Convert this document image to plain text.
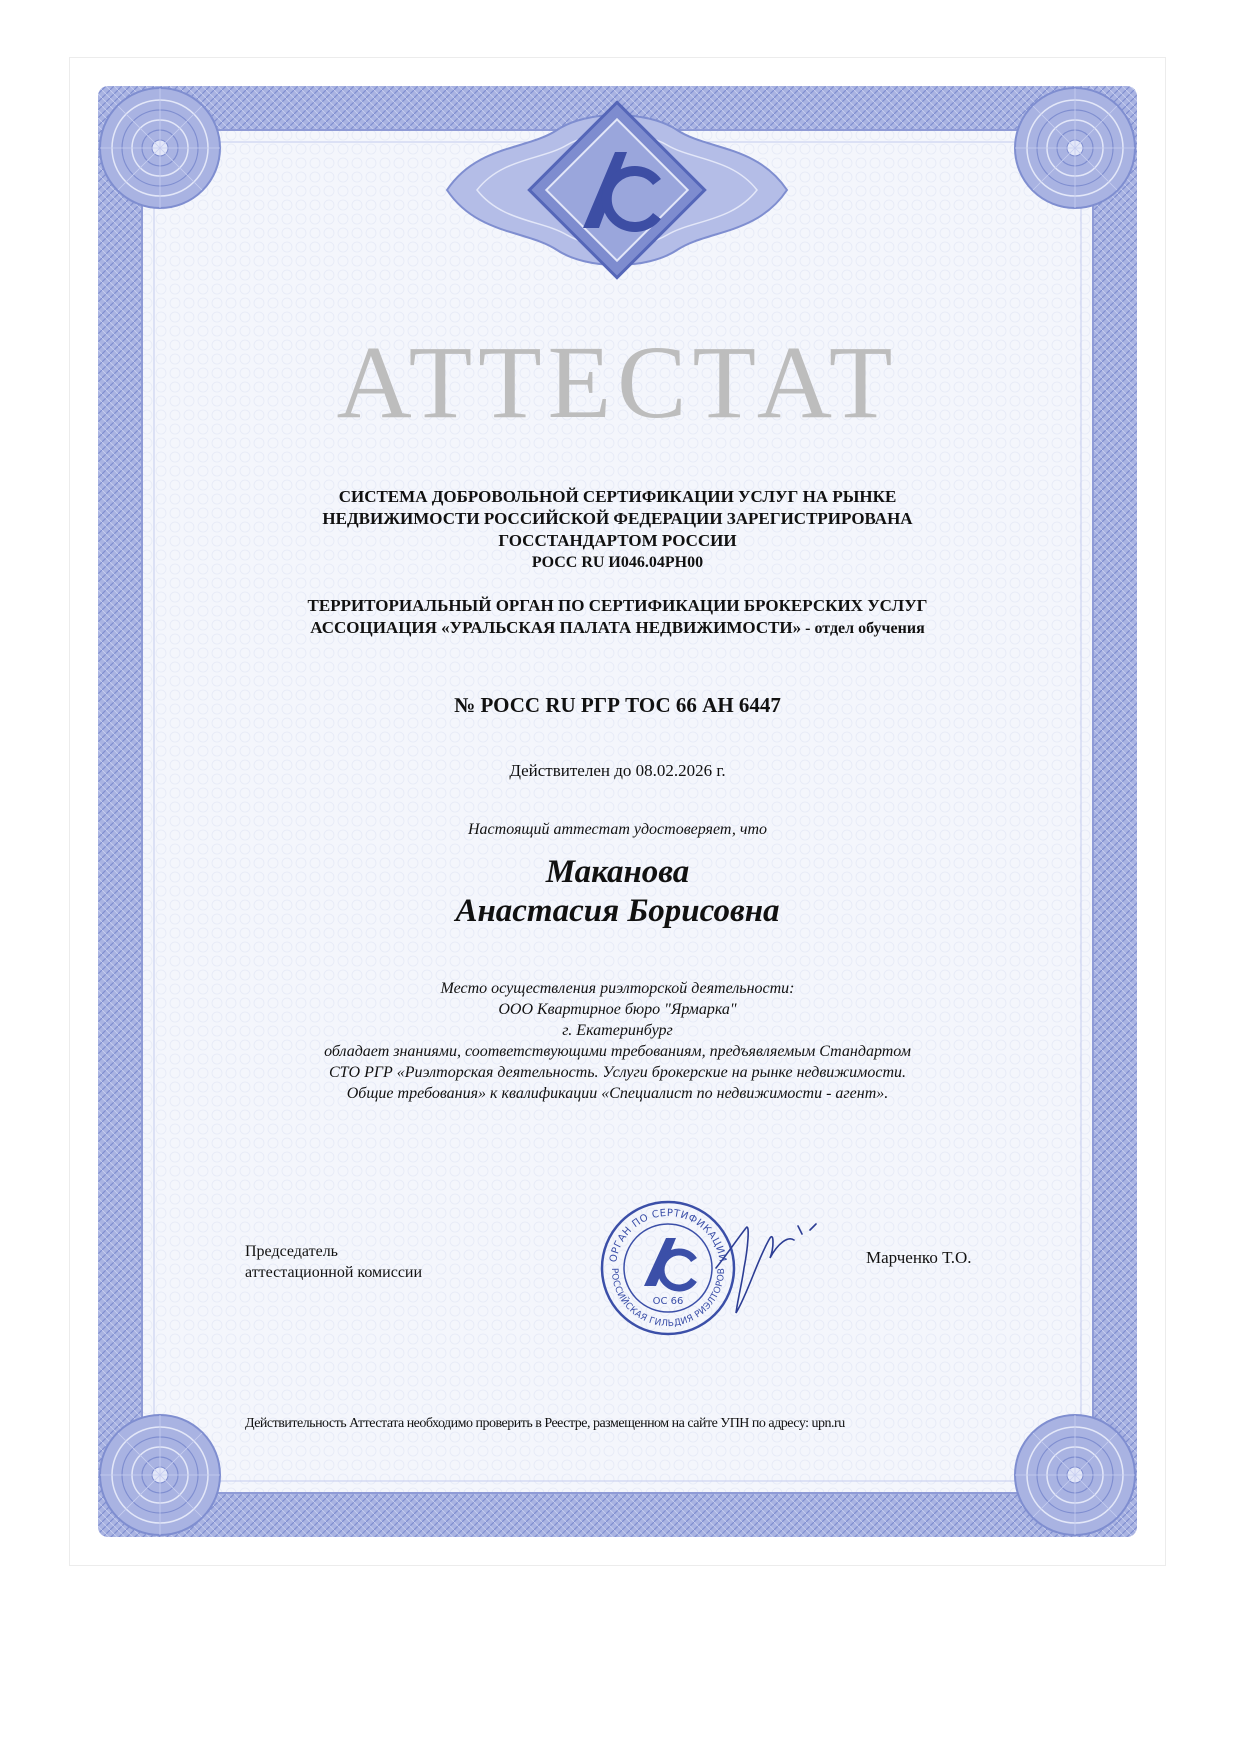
АТТЕСТАТ
СИСТЕМА ДОБРОВОЛЬНОЙ СЕРТИФИКАЦИИ УСЛУГ НА РЫНКЕ
НЕДВИЖИМОСТИ РОССИЙСКОЙ ФЕДЕРАЦИИ ЗАРЕГИСТРИРОВАНА
ГОССТАНДАРТОМ РОССИИ
РОСС RU И046.04РН00
ТЕРРИТОРИАЛЬНЫЙ ОРГАН ПО СЕРТИФИКАЦИИ БРОКЕРСКИХ УСЛУГ
АССОЦИАЦИЯ «УРАЛЬСКАЯ ПАЛАТА НЕДВИЖИМОСТИ» - отдел обучения
№ РОСС RU РГР ТОС 66 АН 6447
Действителен до 08.02.2026 г.
Настоящий аттестат удостоверяет, что
Маканова
Анастасия Борисовна
Место осуществления риэлторской деятельности:
ООО Квартирное бюро "Ярмарка"
г. Екатеринбург
обладает знаниями, соответствующими требованиям, предъявляемым Стандартом
СТО РГР «Риэлторская деятельность. Услуги брокерские на рынке недвижимости.
Общие требования» к квалификации «Специалист по недвижимости - агент».
Председатель
аттестационной комиссии
ОРГАН ПО СЕРТИФИКАЦИИ
РОССИЙСКАЯ ГИЛЬДИЯ РИЭЛТОРОВ
ОС 66
Марченко Т.О.
Действительность Аттестата необходимо проверить в Реестре, размещенном на сайте УПН по адресу: upn.ru
